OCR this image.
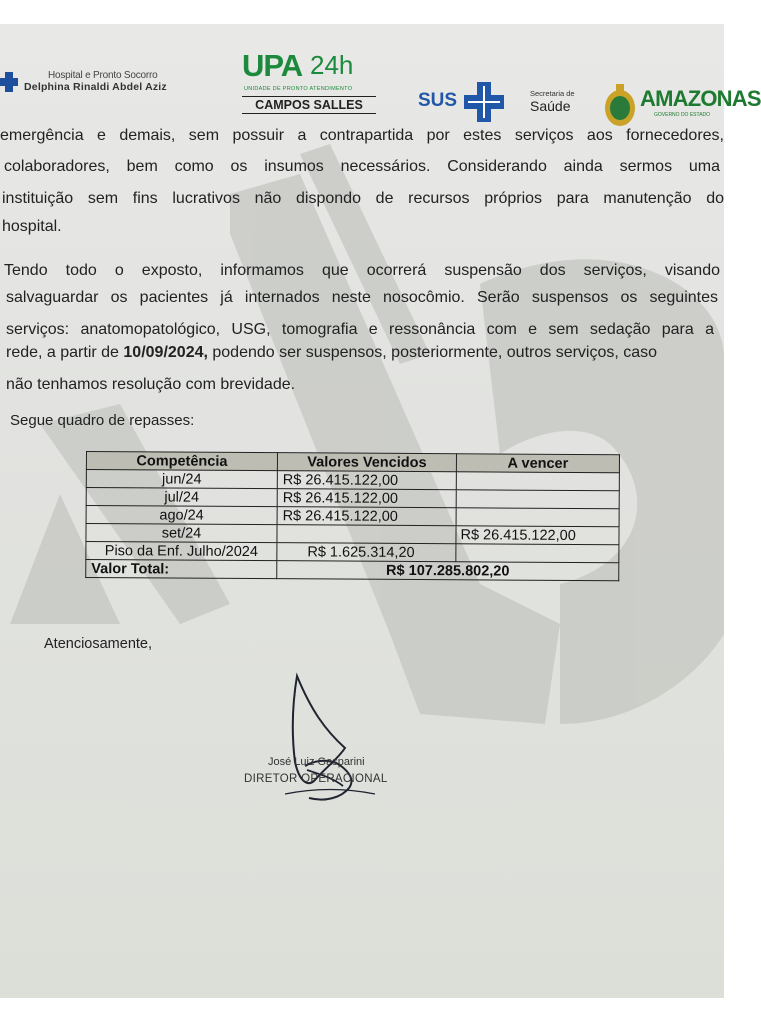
Hospital e Pronto Socorro
Delphina Rinaldi Abdel Aziz
UPA 24h
UNIDADE DE PRONTO ATENDIMENTO
CAMPOS SALLES	SUS	Secretaria de
Saúde	AMAZONAS
GOVERNO DO ESTADO
emergência e demais, sem possuir a contrapartida por estes serviços aos fornecedores,
colaboradores, bem como os insumos necessários. Considerando ainda sermos uma
instituição sem fins lucrativos não dispondo de recursos próprios para manutenção do
hospital.
Tendo todo o exposto, informamos que ocorrerá suspensão dos serviços, visando
salvaguardar os pacientes já internados neste nosocômio. Serão suspensos os seguintes
serviços: anatomopatológico, USG, tomografia e ressonância com e sem sedação para a
rede, a partir de 10/09/2024, podendo ser suspensos, posteriormente, outros serviços, caso
não tenhamos resolução com brevidade.
Segue quadro de repasses:
Competência	Valores Vencidos	A vencer
jun/24	R$ 26.415.122,00	
jul/24	R$ 26.415.122,00	
ago/24	R$ 26.415.122,00	
set/24		R$ 26.415.122,00
Piso da Enf. Julho/2024	R$ 1.625.314,20	
Valor Total:	R$ 107.285.802,20	
Atenciosamente,
José Luiz Gasparini
DIRETOR OPERACIONAL
